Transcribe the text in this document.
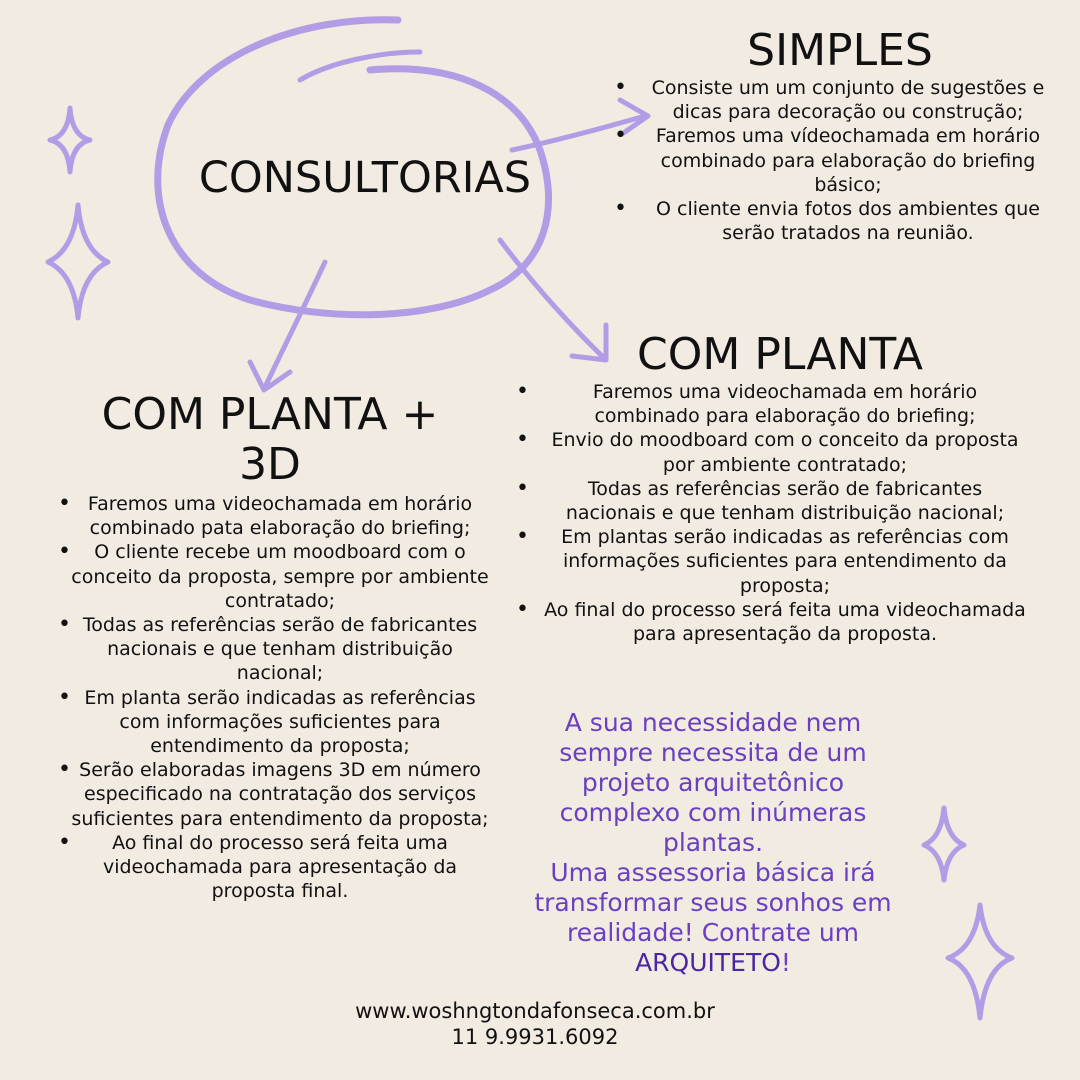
CONSULTORIAS
SIMPLES
• Consiste um um conjunto de sugestões e dicas para decoração ou construção;
• Faremos uma vídeochamada em horário combinado para elaboração do briefing básico;
• O cliente envia fotos dos ambientes que serão tratados na reunião.
COM PLANTA
• Faremos uma videochamada em horário combinado para elaboração do briefing;
• Envio do moodboard com o conceito da proposta por ambiente contratado;
• Todas as referências serão de fabricantes nacionais e que tenham distribuição nacional;
• Em plantas serão indicadas as referências com informações suficientes para entendimento da proposta;
• Ao final do processo será feita uma videochamada para apresentação da proposta.
COM PLANTA + 3D
• Faremos uma videochamada em horário combinado pata elaboração do briefing;
• O cliente recebe um moodboard com o conceito da proposta, sempre por ambiente contratado;
• Todas as referências serão de fabricantes nacionais e que tenham distribuição nacional;
• Em planta serão indicadas as referências com informações suficientes para entendimento da proposta;
• Serão elaboradas imagens 3D em número especificado na contratação dos serviços suficientes para entendimento da proposta;
• Ao final do processo será feita uma videochamada para apresentação da proposta final.

A sua necessidade nem sempre necessita de um projeto arquitetônico complexo com inúmeras plantas.
Uma assessoria básica irá transformar seus sonhos em realidade! Contrate um ARQUITETO!

www.woshngtondafonseca.com.br
11 9.9931.6092
